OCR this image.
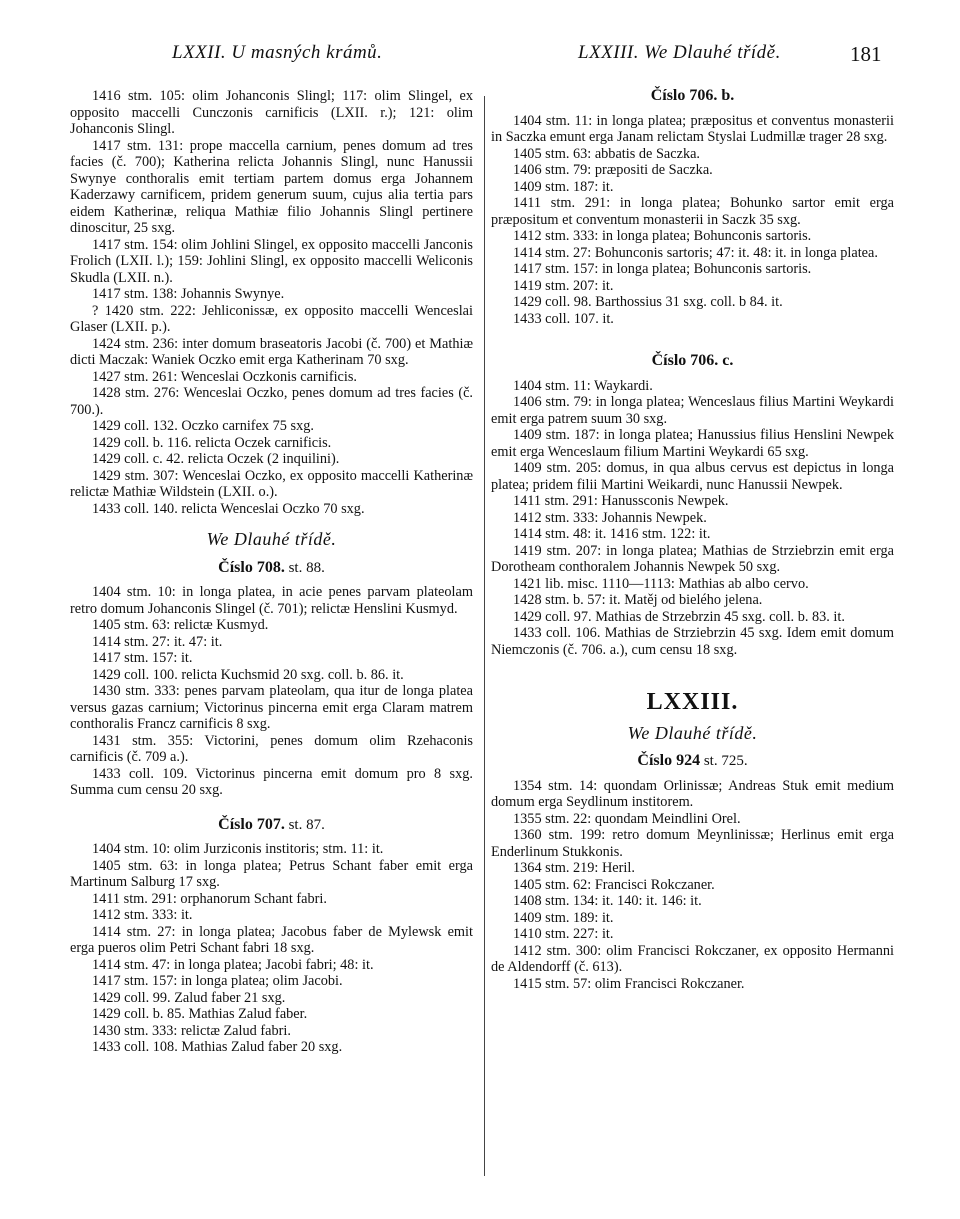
LXXII. U masných krámů.	LXXIII. We Dlauhé třídě.	181

1416 stm. 105: olim Johanconis Slingl; 117: olim Slingel, ex opposito maccelli Cunczonis carnificis (LXII. r.); 121: olim Johanconis Slingl.

1417 stm. 131: prope maccella carnium, penes domum ad tres facies (č. 700); Katherina relicta Johannis Slingl, nunc Hanussii Swynye conthoralis emit tertiam partem domus erga Johannem Kaderzawy carnificem, pridem generum suum, cujus alia tertia pars eidem Katherinæ, reliqua Mathiæ filio Johannis Slingl pertinere dinoscitur, 25 sxg.

1417 stm. 154: olim Johlini Slingel, ex opposito maccelli Janconis Frolich (LXII. l.); 159: Johlini Slingl, ex opposito maccelli Weliconis Skudla (LXII. n.).

1417 stm. 138: Johannis Swynye.

? 1420 stm. 222: Jehliconissæ, ex opposito maccelli Wenceslai Glaser (LXII. p.).

1424 stm. 236: inter domum braseatoris Jacobi (č. 700) et Mathiæ dicti Maczak: Waniek Oczko emit erga Katherinam 70 sxg.

1427 stm. 261: Wenceslai Oczkonis carnificis.

1428 stm. 276: Wenceslai Oczko, penes domum ad tres facies (č. 700.).

1429 coll. 132. Oczko carnifex 75 sxg.

1429 coll. b. 116. relicta Oczek carnificis.

1429 coll. c. 42. relicta Oczek (2 inquilini).

1429 stm. 307: Wenceslai Oczko, ex opposito maccelli Katherinæ relictæ Mathiæ Wildstein (LXII. o.).

1433 coll. 140. relicta Wenceslai Oczko 70 sxg.

We Dlauhé třídě.
Číslo 708. st. 88.

1404 stm. 10: in longa platea, in acie penes parvam plateolam retro domum Johanconis Slingel (č. 701); relictæ Henslini Kusmyd.

1405 stm. 63: relictæ Kusmyd.

1414 stm. 27: it. 47: it.

1417 stm. 157: it.

1429 coll. 100. relicta Kuchsmid 20 sxg. coll. b. 86. it.

1430 stm. 333: penes parvam plateolam, qua itur de longa platea versus gazas carnium; Victorinus pincerna emit erga Claram matrem conthoralis Francz carnificis 8 sxg.

1431 stm. 355: Victorini, penes domum olim Rzehaconis carnificis (č. 709 a.).

1433 coll. 109. Victorinus pincerna emit domum pro 8 sxg. Summa cum censu 20 sxg.

Číslo 707. st. 87.

1404 stm. 10: olim Jurziconis institoris; stm. 11: it.

1405 stm. 63: in longa platea; Petrus Schant faber emit erga Martinum Salburg 17 sxg.

1411 stm. 291: orphanorum Schant fabri.

1412 stm. 333: it.

1414 stm. 27: in longa platea; Jacobus faber de Mylewsk emit erga pueros olim Petri Schant fabri 18 sxg.

1414 stm. 47: in longa platea; Jacobi fabri; 48: it.

1417 stm. 157: in longa platea; olim Jacobi.

1429 coll. 99. Zalud faber 21 sxg.

1429 coll. b. 85. Mathias Zalud faber.

1430 stm. 333: relictæ Zalud fabri.

1433 coll. 108. Mathias Zalud faber 20 sxg.

Číslo 706. b.

1404 stm. 11: in longa platea; præpositus et conventus monasterii in Saczka emunt erga Janam relictam Styslai Ludmillæ trager 28 sxg.

1405 stm. 63: abbatis de Saczka.

1406 stm. 79: præpositi de Saczka.

1409 stm. 187: it.

1411 stm. 291: in longa platea; Bohunko sartor emit erga præpositum et conventum monasterii in Saczk 35 sxg.

1412 stm. 333: in longa platea; Bohunconis sartoris.

1414 stm. 27: Bohunconis sartoris; 47: it. 48: it. in longa platea.

1417 stm. 157: in longa platea; Bohunconis sartoris.

1419 stm. 207: it.

1429 coll. 98. Barthossius 31 sxg. coll. b 84. it.

1433 coll. 107. it.

Číslo 706. c.

1404 stm. 11: Waykardi.

1406 stm. 79: in longa platea; Wenceslaus filius Martini Weykardi emit erga patrem suum 30 sxg.

1409 stm. 187: in longa platea; Hanussius filius Henslini Newpek emit erga Wenceslaum filium Martini Weykardi 65 sxg.

1409 stm. 205: domus, in qua albus cervus est depictus in longa platea; pridem filii Martini Weikardi, nunc Hanussii Newpek.

1411 stm. 291: Hanussconis Newpek.

1412 stm. 333: Johannis Newpek.

1414 stm. 48: it. 1416 stm. 122: it.

1419 stm. 207: in longa platea; Mathias de Strziebrzin emit erga Dorotheam conthoralem Johannis Newpek 50 sxg.

1421 lib. misc. 1110—1113: Mathias ab albo cervo.

1428 stm. b. 57: it. Matěj od bielého jelena.

1429 coll. 97. Mathias de Strzebrzin 45 sxg. coll. b. 83. it.

1433 coll. 106. Mathias de Strziebrzin 45 sxg. Idem emit domum Niemczonis (č. 706. a.), cum censu 18 sxg.

LXXIII.
We Dlauhé třídě.
Číslo 924 st. 725.

1354 stm. 14: quondam Orlinissæ; Andreas Stuk emit medium domum erga Seydlinum institorem.

1355 stm. 22: quondam Meindlini Orel.

1360 stm. 199: retro domum Meynlinissæ; Herlinus emit erga Enderlinum Stukkonis.

1364 stm. 219: Heril.

1405 stm. 62: Francisci Rokczaner.

1408 stm. 134: it. 140: it. 146: it.

1409 stm. 189: it.

1410 stm. 227: it.

1412 stm. 300: olim Francisci Rokczaner, ex opposito Hermanni de Aldendorff (č. 613).

1415 stm. 57: olim Francisci Rokczaner.
